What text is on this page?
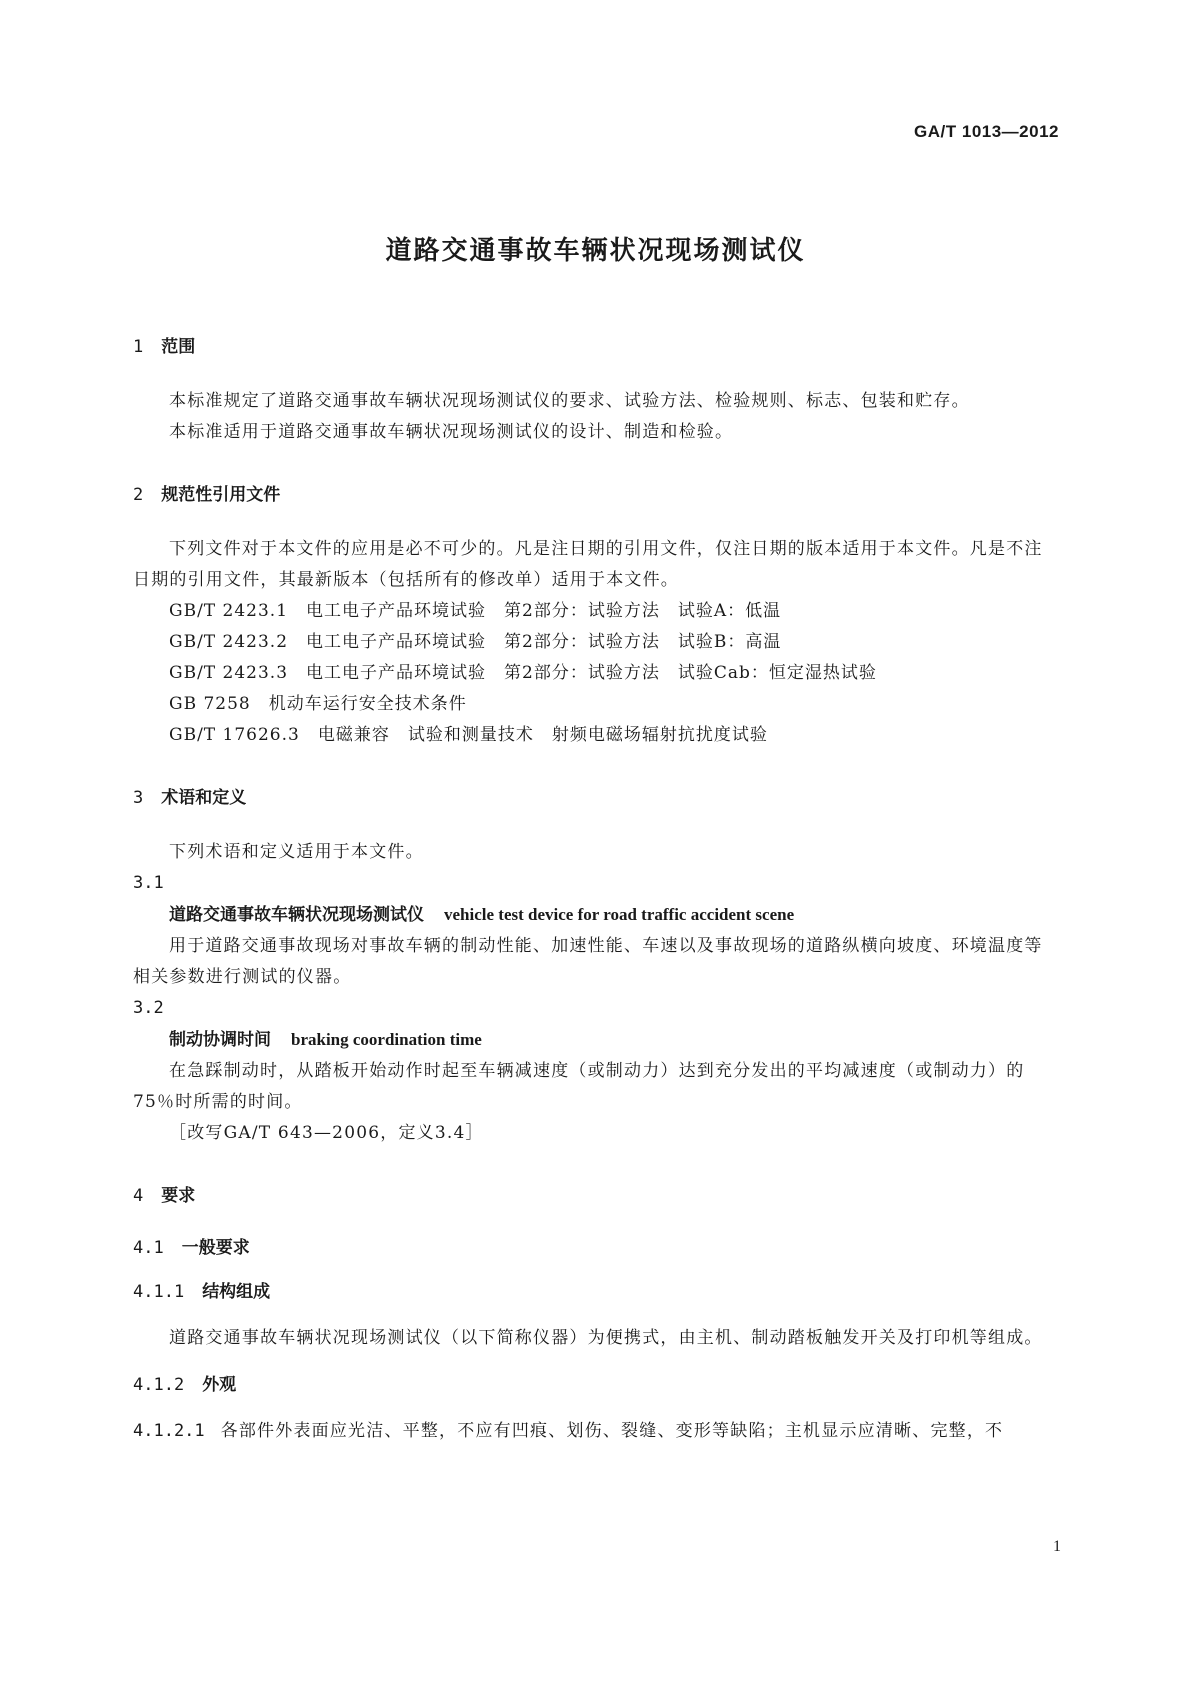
GA/T 1013—2012
道路交通事故车辆状况现场测试仪
1 范围

本标准规定了道路交通事故车辆状况现场测试仪的要求、试验方法、检验规则、标志、包装和贮存。

本标准适用于道路交通事故车辆状况现场测试仪的设计、制造和检验。

2 规范性引用文件

下列文件对于本文件的应用是必不可少的。凡是注日期的引用文件，仅注日期的版本适用于本文件。凡是不注日期的引用文件，其最新版本（包括所有的修改单）适用于本文件。

GB/T 2423.1　电工电子产品环境试验　第2部分：试验方法　试验A：低温
GB/T 2423.2　电工电子产品环境试验　第2部分：试验方法　试验B：高温
GB/T 2423.3　电工电子产品环境试验　第2部分：试验方法　试验Cab：恒定湿热试验
GB 7258　机动车运行安全技术条件
GB/T 17626.3　电磁兼容　试验和测量技术　射频电磁场辐射抗扰度试验
3 术语和定义

下列术语和定义适用于本文件。

3.1
道路交通事故车辆状况现场测试仪 vehicle test device for road traffic accident scene

用于道路交通事故现场对事故车辆的制动性能、加速性能、车速以及事故现场的道路纵横向坡度、环境温度等相关参数进行测试的仪器。

3.2
制动协调时间 braking coordination time

在急踩制动时，从踏板开始动作时起至车辆减速度（或制动力）达到充分发出的平均减速度（或制动力）的75％时所需的时间。

［改写GA/T 643—2006，定义3.4］

4 要求
4.1 一般要求
4.1.1 结构组成

道路交通事故车辆状况现场测试仪（以下简称仪器）为便携式，由主机、制动踏板触发开关及打印机等组成。

4.1.2 外观
4.1.2.1 各部件外表面应光洁、平整，不应有凹痕、划伤、裂缝、变形等缺陷；主机显示应清晰、完整，不
1
